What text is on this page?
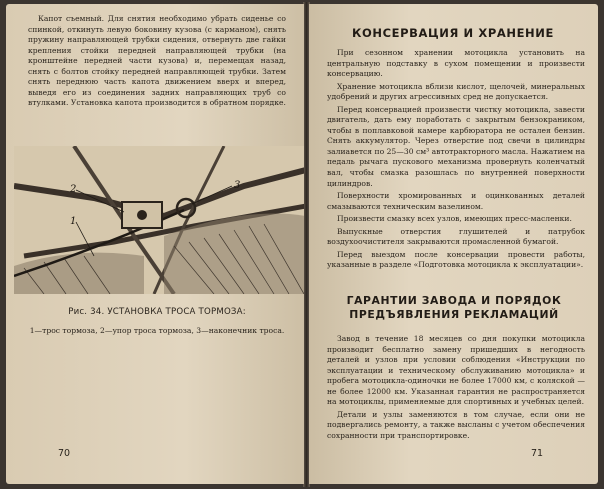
Капот съемный. Для снятия необходимо убрать сиденье со спинкой, откинуть левую боковину кузова (с карманом), снять пружину направляющей трубки сидения, отвернуть две гайки крепления стойки передней направляющей трубки (на кронштейне передней части кузова) и, перемещая назад, снять с болтов стойку передней направляющей трубки. Затем снять переднюю часть капота движением вверх и вперед, выведя его из соединения задних направляющих труб со втулками. Установка капота производится в обратном порядке.

2	3
1

Рис. 34. УСТАНОВКА ТРОСА ТОРМОЗА:

1—трос тормоза, 2—упор троса тормоза, 3—наконечник троса.

70

КОНСЕРВАЦИЯ И ХРАНЕНИЕ

При сезонном хранении мотоцикла установить на центральную подставку в сухом помещении и произвести консервацию.

Хранение мотоцикла вблизи кислот, щелочей, минеральных удобрений и других агрессивных сред не допускается.

Перед консервацией произвести чистку мотоцикла, завести двигатель, дать ему поработать с закрытым бензокраником, чтобы в поплавковой камере карбюратора не осталея бензин. Снять аккумулятор. Через отверстие под свечи в цилиндры залиавется по 25—30 см³ автотракторного масла. Нажатием на педаль рычага пускового механизма провернуть коленчатый вал, чтобы смазка разошлась по внутренней поверхности цилиндров.

Поверхности хромированных и оцинкованных деталей смазываются техническим вазелином.

Произвести смазку всех узлов, имеющих пресс-масленки.

Выпускные отверстия глушителей и патрубок воздухоочистителя закрываются промасленной бумагой.

Перед выездом после консервации провести работы, указанные в разделе «Подготовка мотоцикла к эксплуатации».

ГАРАНТИИ ЗАВОДА И ПОРЯДОК ПРЕДЪЯВЛЕНИЯ РЕКЛАМАЦИЙ

Завод в течение 18 месяцев со дня покупки мотоцикла производит бесплатно замену пришедших в негодность деталей и узлов при условии соблюдения «Инструкции по эксплуатации и техническому обслуживанию мотоцикла» и пробега мотоцикла-одиночки не более 17000 км, с коляской — не более 12000 км. Указанная гарантия не распространяется на мотоциклы, применяемые для спортивных и учебных целей.

Детали и узлы заменяются в том случае, если они не подвергались ремонту, а также высланы с учетом обеспечения сохранности при транспортировке.

71
